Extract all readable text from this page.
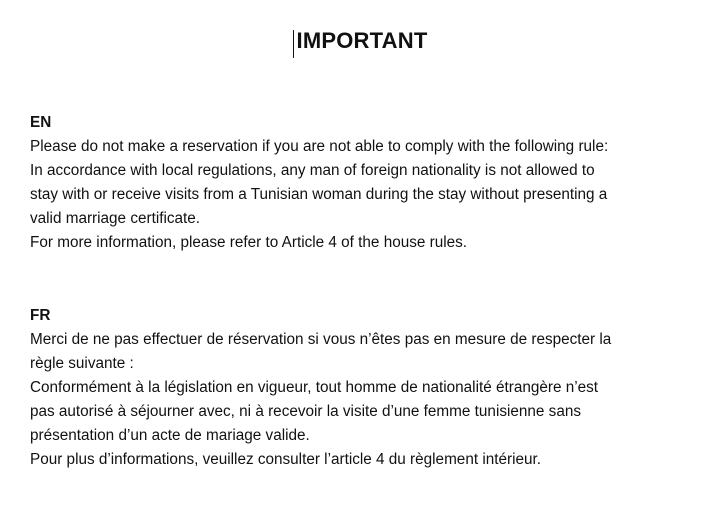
IMPORTANT
EN
Please do not make a reservation if you are not able to comply with the following rule:
In accordance with local regulations, any man of foreign nationality is not allowed to
stay with or receive visits from a Tunisian woman during the stay without presenting a
valid marriage certificate.
For more information, please refer to Article 4 of the house rules.
FR
Merci de ne pas effectuer de réservation si vous n’êtes pas en mesure de respecter la
règle suivante :
Conformément à la législation en vigueur, tout homme de nationalité étrangère n’est
pas autorisé à séjourner avec, ni à recevoir la visite d’une femme tunisienne sans
présentation d’un acte de mariage valide.
Pour plus d’informations, veuillez consulter l’article 4 du règlement intérieur.
